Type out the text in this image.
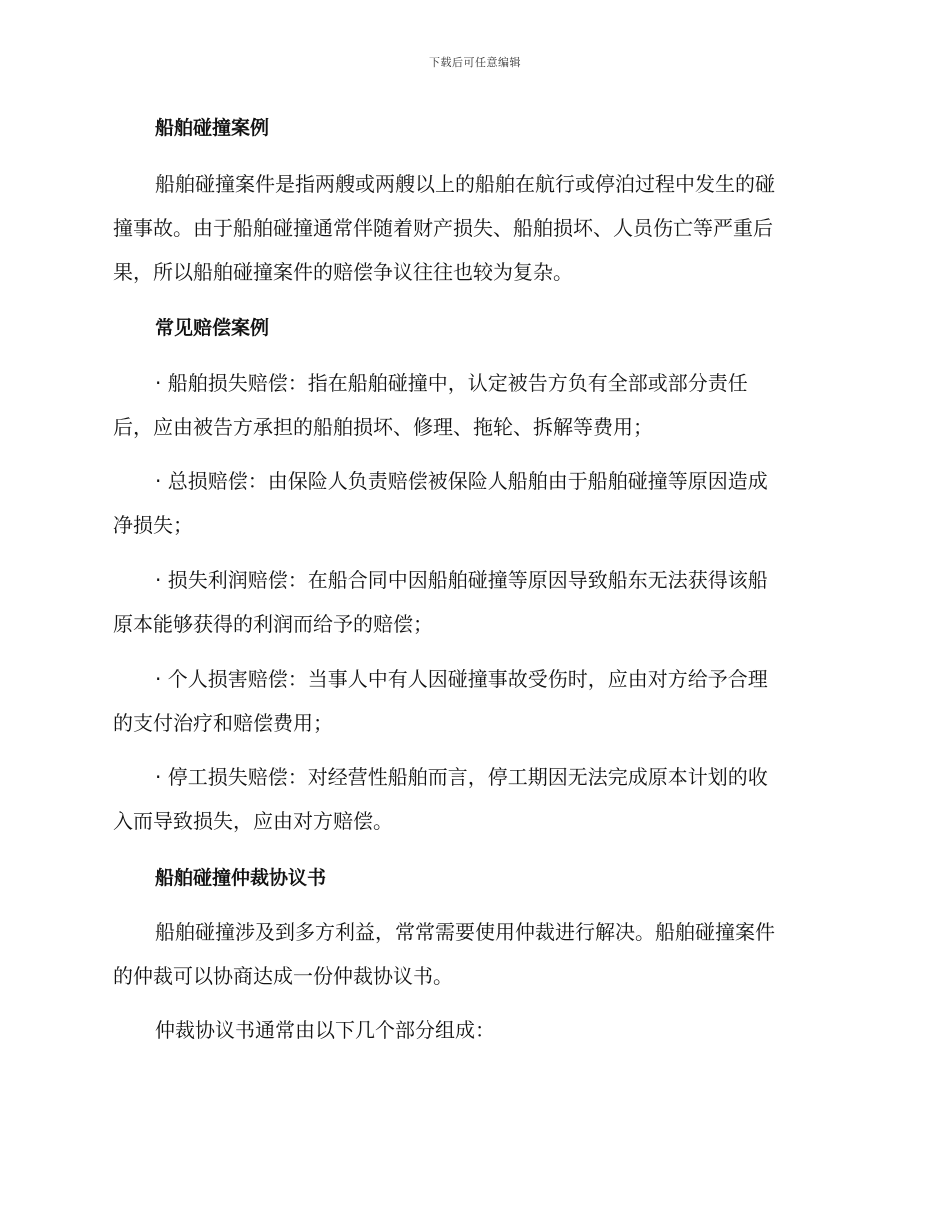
下载后可任意编辑
船舶碰撞案例
船舶碰撞案件是指两艘或两艘以上的船舶在航行或停泊过程中发生的碰
撞事故。由于船舶碰撞通常伴随着财产损失、船舶损坏、人员伤亡等严重后
果，所以船舶碰撞案件的赔偿争议往往也较为复杂。
常见赔偿案例
· 船舶损失赔偿：指在船舶碰撞中，认定被告方负有全部或部分责任
后，应由被告方承担的船舶损坏、修理、拖轮、拆解等费用；
· 总损赔偿：由保险人负责赔偿被保险人船舶由于船舶碰撞等原因造成
净损失；
· 损失利润赔偿：在船合同中因船舶碰撞等原因导致船东无法获得该船
原本能够获得的利润而给予的赔偿；
· 个人损害赔偿：当事人中有人因碰撞事故受伤时，应由对方给予合理
的支付治疗和赔偿费用；
· 停工损失赔偿：对经营性船舶而言，停工期因无法完成原本计划的收
入而导致损失，应由对方赔偿。
船舶碰撞仲裁协议书
船舶碰撞涉及到多方利益，常常需要使用仲裁进行解决。船舶碰撞案件
的仲裁可以协商达成一份仲裁协议书。
仲裁协议书通常由以下几个部分组成：
